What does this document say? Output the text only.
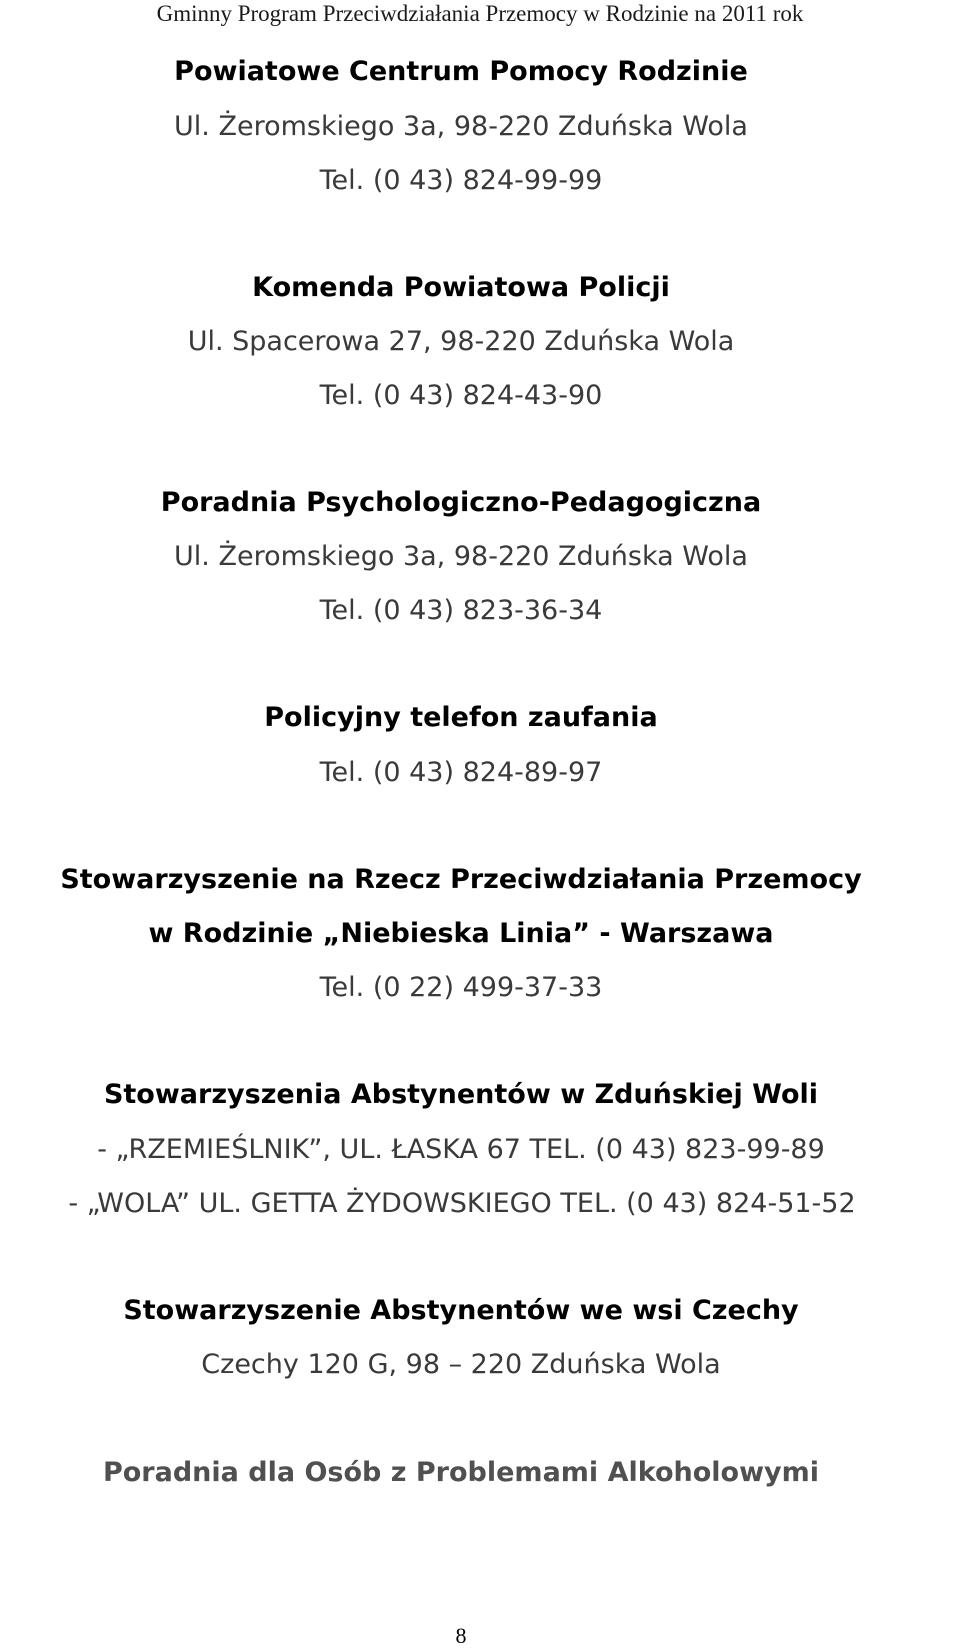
Gminny Program Przeciwdziałania Przemocy w Rodzinie na 2011 rok
Powiatowe Centrum Pomocy Rodzinie
Ul. Żeromskiego 3a, 98-220 Zduńska Wola
Tel. (0 43) 824-99-99
Komenda Powiatowa Policji
Ul. Spacerowa 27, 98-220 Zduńska Wola
Tel. (0 43) 824-43-90
Poradnia Psychologiczno-Pedagogiczna
Ul. Żeromskiego 3a, 98-220 Zduńska Wola
Tel. (0 43) 823-36-34
Policyjny telefon zaufania
Tel. (0 43) 824-89-97
Stowarzyszenie na Rzecz Przeciwdziałania Przemocy
w Rodzinie „Niebieska Linia” - Warszawa
Tel. (0 22) 499-37-33
Stowarzyszenia Abstynentów w Zduńskiej Woli
- „RZEMIEŚLNIK”, UL. ŁASKA 67 TEL. (0 43) 823-99-89
- „WOLA” UL. GETTA ŻYDOWSKIEGO TEL. (0 43) 824-51-52
Stowarzyszenie Abstynentów we wsi Czechy
Czechy 120 G, 98 – 220 Zduńska Wola
Poradnia dla Osób z Problemami Alkoholowymi
8
